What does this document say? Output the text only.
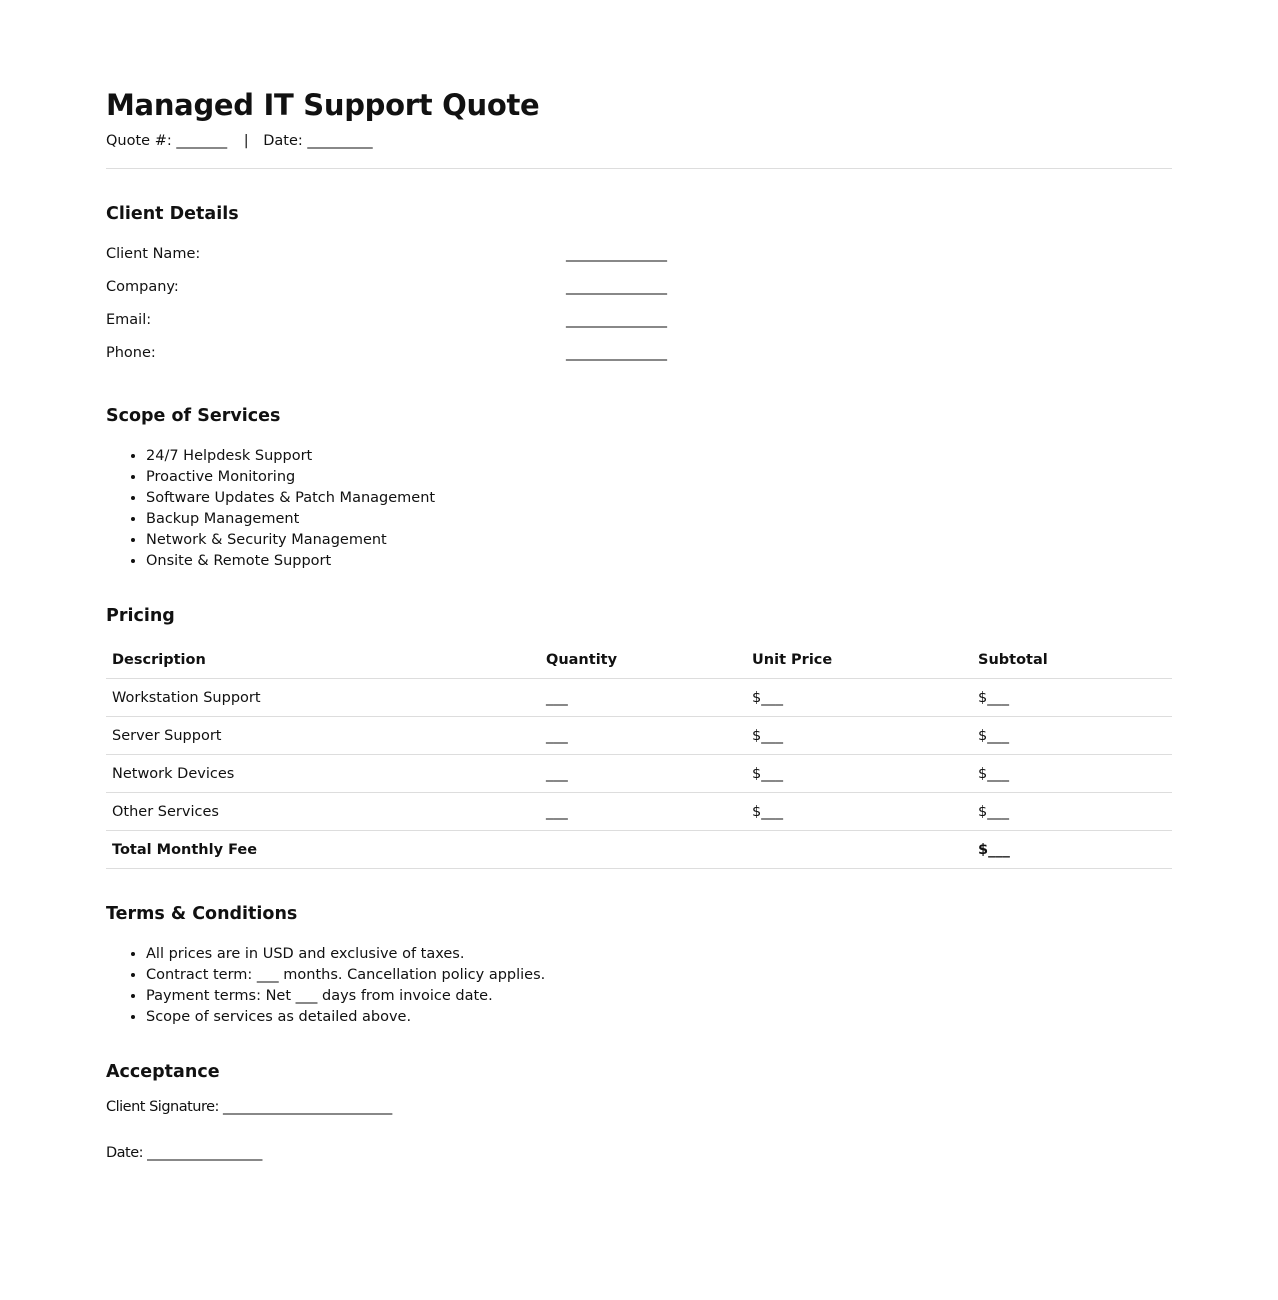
Managed IT Support Quote
Quote #: _______ | Date: _________
Client Details
Client Name:	________________
Company:	________________
Email:	________________
Phone:	________________
Scope of Services
• 24/7 Helpdesk Support
• Proactive Monitoring
• Software Updates & Patch Management
• Backup Management
• Network & Security Management
• Onsite & Remote Support
Pricing
Description	Quantity	Unit Price	Subtotal
Workstation Support	___	$___	$___
Server Support	___	$___	$___
Network Devices	___	$___	$___
Other Services	___	$___	$___
Total Monthly Fee			$___
Terms & Conditions
• All prices are in USD and exclusive of taxes.
• Contract term: ___ months. Cancellation policy applies.
• Payment terms: Net ___ days from invoice date.
• Scope of services as detailed above.
Acceptance
Client Signature: _________________________
Date: _________________
